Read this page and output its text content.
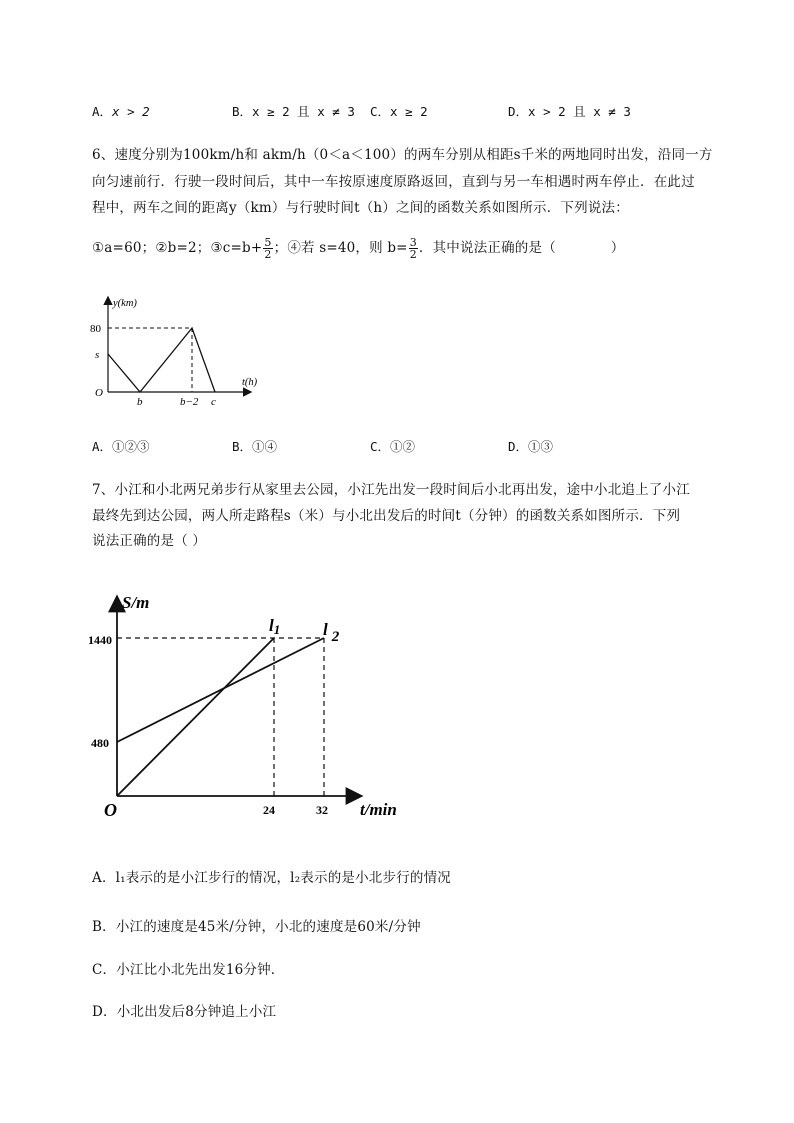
A．x > 2	B．x ≥ 2 且 x ≠ 3 C．x ≥ 2	D．x > 2 且 x ≠ 3
6、速度分别为100km/h和 akm/h（0＜a＜100）的两车分别从相距s千米的两地同时出发，沿同一方
向匀速前行．行驶一段时间后，其中一车按原速度原路返回，直到与另一车相遇时两车停止．在此过
程中，两车之间的距离y（km）与行驶时间t（h）之间的函数关系如图所示．下列说法：
①a=60；②b=2；③c=b+ $\frac{5}{2}$ ；④若 s=40，则 $b= \frac{3}{2}$ ．其中说法正确的是（　　　　）
y(km)
t(h)
80
s
O
b	b−2 c
A．①②③	B．①④	C．①②	D．①③
7、小江和小北两兄弟步行从家里去公园，小江先出发一段时间后小北再出发，途中小北追上了小江
最终先到达公园，两人所走路程s（米）与小北出发后的时间t（分钟）的函数关系如图所示．下列
说法正确的是（ ）
S/m
t/min
O
1440
480
24	32
l1	l 2
A．l₁表示的是小江步行的情况，l₂表示的是小北步行的情况
B．小江的速度是45米/分钟，小北的速度是60米/分钟
C．小江比小北先出发16分钟．
D．小北出发后8分钟追上小江
